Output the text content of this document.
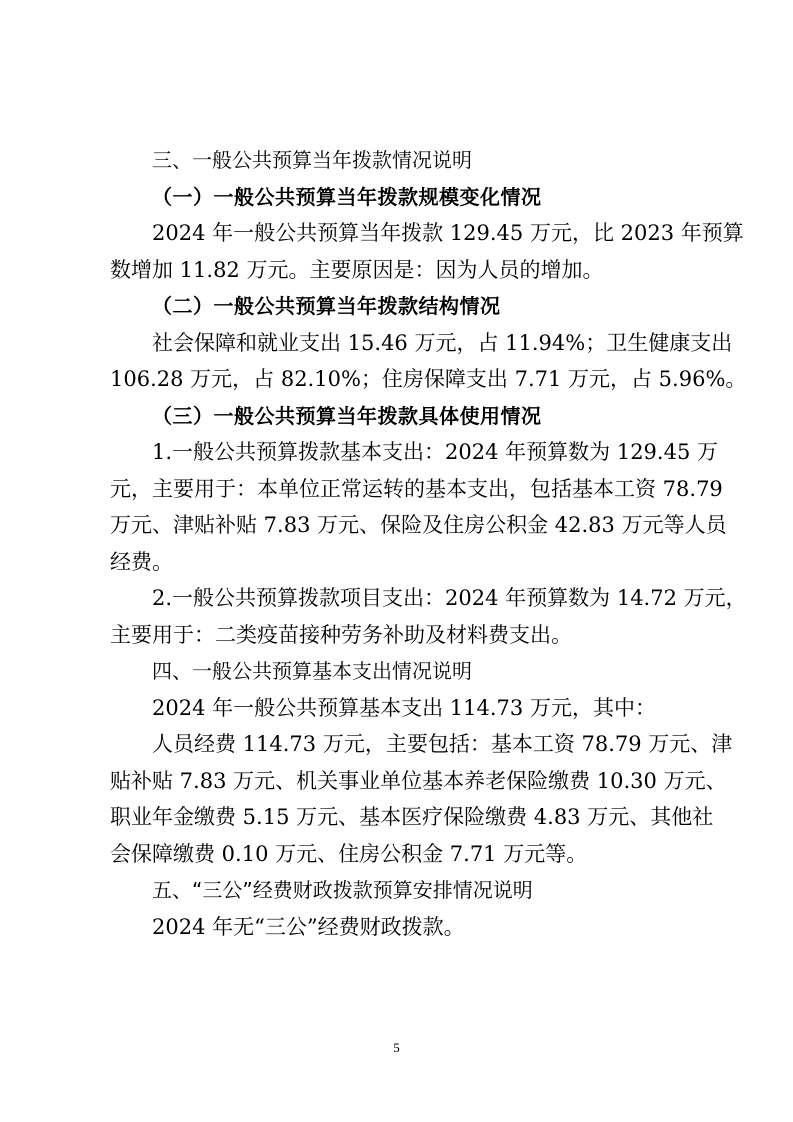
三、一般公共预算当年拨款情况说明
（一）一般公共预算当年拨款规模变化情况
2024 年一般公共预算当年拨款 129.45 万元，比 2023 年预算
数增加 11.82 万元。主要原因是：因为人员的增加。
（二）一般公共预算当年拨款结构情况
社会保障和就业支出 15.46 万元，占 11.94%；卫生健康支出
106.28 万元，占 82.10%；住房保障支出 7.71 万元，占 5.96%。
（三）一般公共预算当年拨款具体使用情况
1.一般公共预算拨款基本支出：2024 年预算数为 129.45 万
元，主要用于：本单位正常运转的基本支出，包括基本工资 78.79
万元、津贴补贴 7.83 万元、保险及住房公积金 42.83 万元等人员
经费。
2.一般公共预算拨款项目支出：2024 年预算数为 14.72 万元，
主要用于：二类疫苗接种劳务补助及材料费支出。
四、一般公共预算基本支出情况说明
2024 年一般公共预算基本支出 114.73 万元，其中：
人员经费 114.73 万元，主要包括：基本工资 78.79 万元、津
贴补贴 7.83 万元、机关事业单位基本养老保险缴费 10.30 万元、
职业年金缴费 5.15 万元、基本医疗保险缴费 4.83 万元、其他社
会保障缴费 0.10 万元、住房公积金 7.71 万元等。
五、“三公”经费财政拨款预算安排情况说明
2024 年无“三公”经费财政拨款。
5
